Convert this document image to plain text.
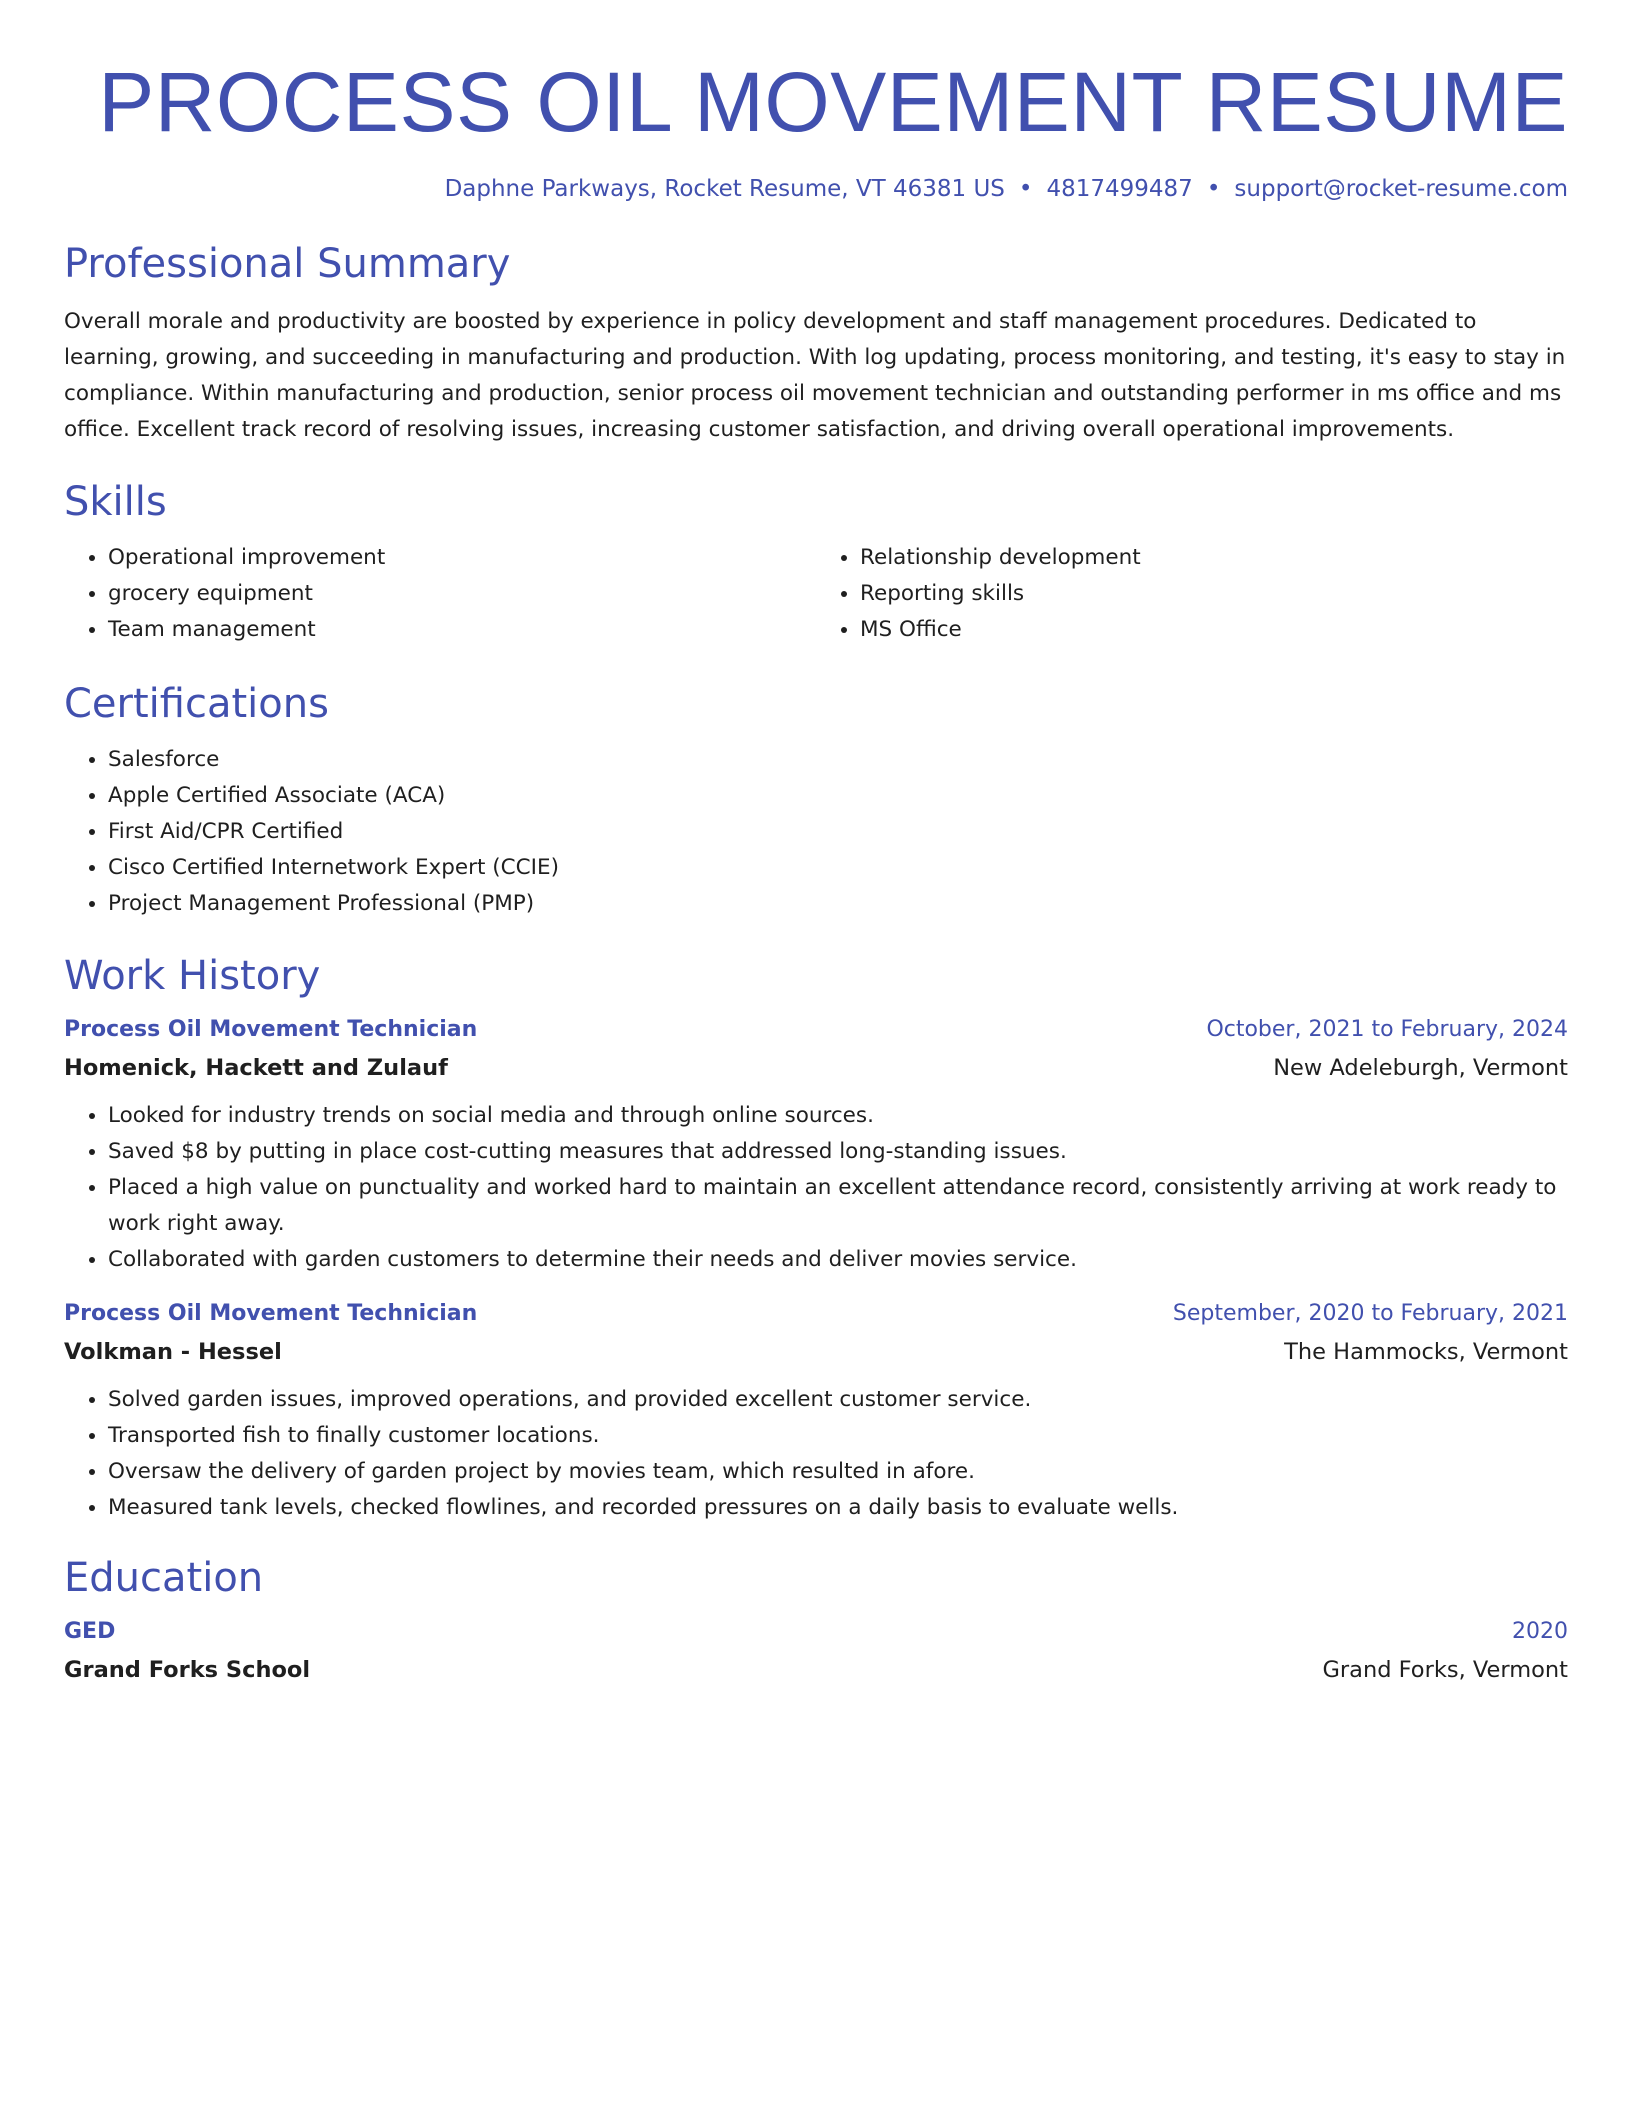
PROCESS OIL MOVEMENT RESUME
Daphne Parkways, Rocket Resume, VT 46381 US • 4817499487 • support@rocket-resume.com
Professional Summary

Overall morale and productivity are boosted by experience in policy development and staff management procedures. Dedicated to learning, growing, and succeeding in manufacturing and production. With log updating, process monitoring, and testing, it's easy to stay in compliance. Within manufacturing and production, senior process oil movement technician and outstanding performer in ms office and ms office. Excellent track record of resolving issues, increasing customer satisfaction, and driving overall operational improvements.

Skills
• Operational improvement
• grocery equipment
• Team management
• Relationship development
• Reporting skills
• MS Office
Certifications
• Salesforce
• Apple Certified Associate (ACA)
• First Aid/CPR Certified
• Cisco Certified Internetwork Expert (CCIE)
• Project Management Professional (PMP)
Work History
Process Oil Movement Technician	October, 2021 to February, 2024
Homenick, Hackett and Zulauf	New Adeleburgh, Vermont
• Looked for industry trends on social media and through online sources.
• Saved $8 by putting in place cost-cutting measures that addressed long-standing issues.
• Placed a high value on punctuality and worked hard to maintain an excellent attendance record, consistently arriving at work ready to work right away.
• Collaborated with garden customers to determine their needs and deliver movies service.
Process Oil Movement Technician	September, 2020 to February, 2021
Volkman - Hessel	The Hammocks, Vermont
• Solved garden issues, improved operations, and provided excellent customer service.
• Transported fish to finally customer locations.
• Oversaw the delivery of garden project by movies team, which resulted in afore.
• Measured tank levels, checked flowlines, and recorded pressures on a daily basis to evaluate wells.
Education
GED	2020
Grand Forks School	Grand Forks, Vermont
